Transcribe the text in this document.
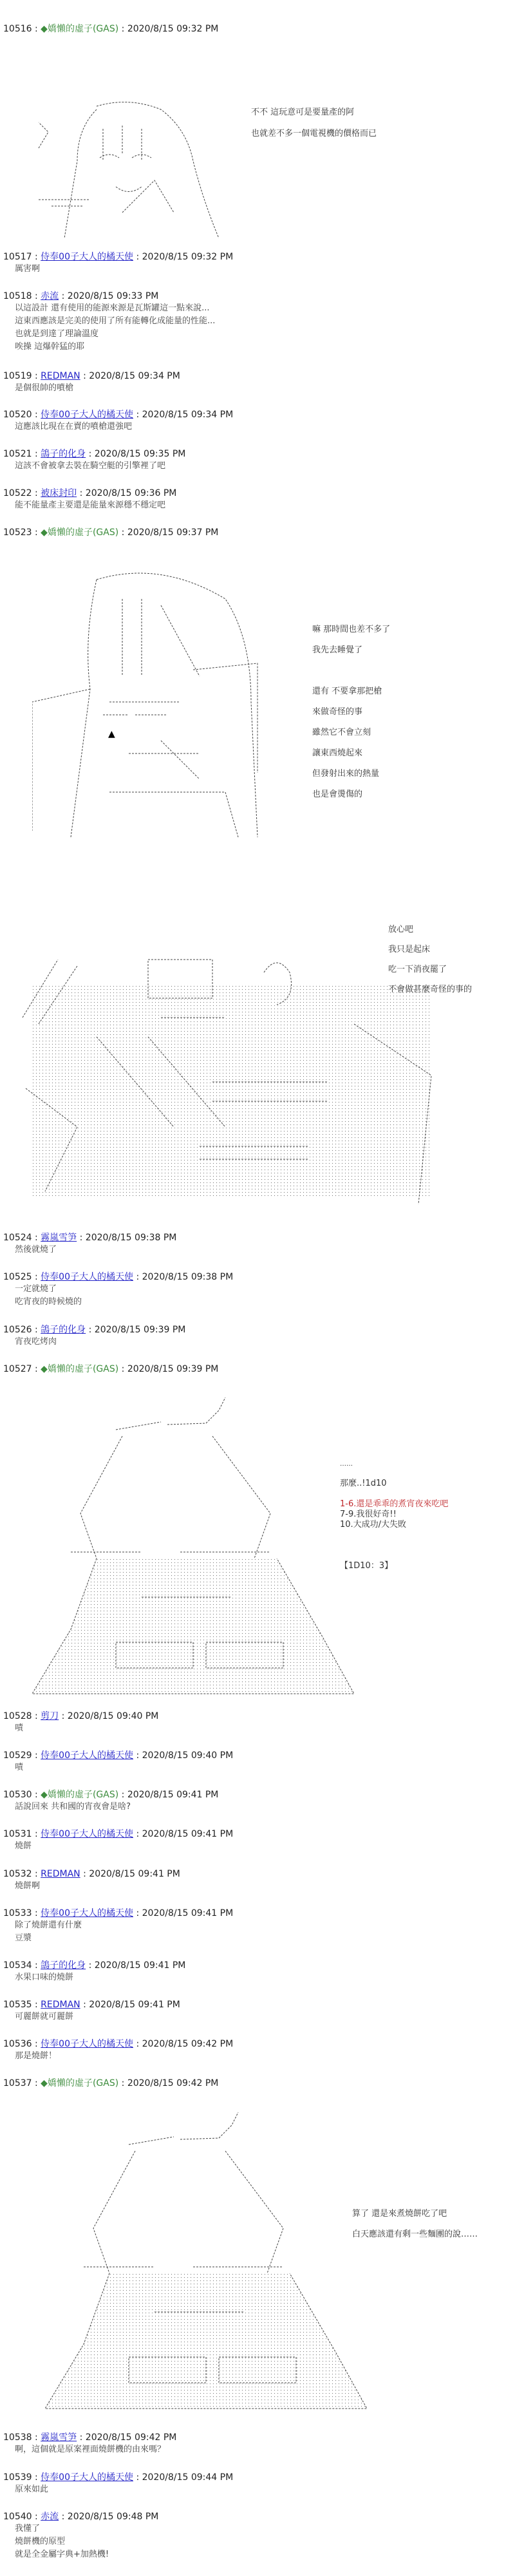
10516 : ◆嬌懶的虛子(GAS) : 2020/8/15 09:32 PM
10517 : 侍奉00子大人的橘天使 : 2020/8/15 09:32 PM
厲害啊
10518 : 赤流 : 2020/8/15 09:33 PM
以這設計 還有使用的能源來源是瓦斯罐這一點來說...
這東西應該是完美的使用了所有能轉化成能量的性能...
也就是到達了理論溫度
唉操 這爆幹猛的耶
10519 : REDMAN : 2020/8/15 09:34 PM
是個很帥的噴槍
10520 : 侍奉00子大人的橘天使 : 2020/8/15 09:34 PM
這應該比現在在賣的噴槍還強吧
10521 : 鴿子的化身 : 2020/8/15 09:35 PM
這該不會被拿去裝在騎空艇的引擎裡了吧
10522 : 被床封印 : 2020/8/15 09:36 PM
能不能量產主要還是能量來源穩不穩定吧
10523 : ◆嬌懶的虛子(GAS) : 2020/8/15 09:37 PM
10524 : 霧嵐雪笋 : 2020/8/15 09:38 PM
然後就燒了
10525 : 侍奉00子大人的橘天使 : 2020/8/15 09:38 PM
一定就燒了
吃宵夜的時候燒的
10526 : 鴿子的化身 : 2020/8/15 09:39 PM
宵夜吃烤肉
10527 : ◆嬌懶的虛子(GAS) : 2020/8/15 09:39 PM
10528 : 剪刀 : 2020/8/15 09:40 PM
嘖
10529 : 侍奉00子大人的橘天使 : 2020/8/15 09:40 PM
嘖
10530 : ◆嬌懶的虛子(GAS) : 2020/8/15 09:41 PM
話說回來 共和國的宵夜會是啥?
10531 : 侍奉00子大人的橘天使 : 2020/8/15 09:41 PM
燒餅
10532 : REDMAN : 2020/8/15 09:41 PM
燒餅啊
10533 : 侍奉00子大人的橘天使 : 2020/8/15 09:41 PM
除了燒餅還有什麼
豆漿
10534 : 鴿子的化身 : 2020/8/15 09:41 PM
水果口味的燒餅
10535 : REDMAN : 2020/8/15 09:41 PM
可麗餅就可麗餅
10536 : 侍奉00子大人的橘天使 : 2020/8/15 09:42 PM
那是燒餅！
10537 : ◆嬌懶的虛子(GAS) : 2020/8/15 09:42 PM
10538 : 霧嵐雪笋 : 2020/8/15 09:42 PM
啊，這個就是原案裡面燒餅機的由來嗎？
10539 : 侍奉00子大人的橘天使 : 2020/8/15 09:44 PM
原來如此
10540 : 赤流 : 2020/8/15 09:48 PM
我懂了
燒餅機的原型
就是全金屬字典+加熱機!
▲
不不 這玩意可是要量產的阿
也就差不多一個電視機的價格而已
嘛 那時間也差不多了
我先去睡覺了
還有 不要拿那把槍
來做奇怪的事
雖然它不會立刻
讓東西燒起來
但發射出來的熱量
也是會燙傷的
放心吧
我只是起床
吃一下消夜罷了
不會做甚麼奇怪的事的
……
那麼..!1d10
1-6.還是乖乖的煮宵夜來吃吧
7-9.我很好奇!!
10.大成功/大失敗
【1D10：3】
算了 還是來煮燒餅吃了吧
白天應該還有剩一些麵團的說……
